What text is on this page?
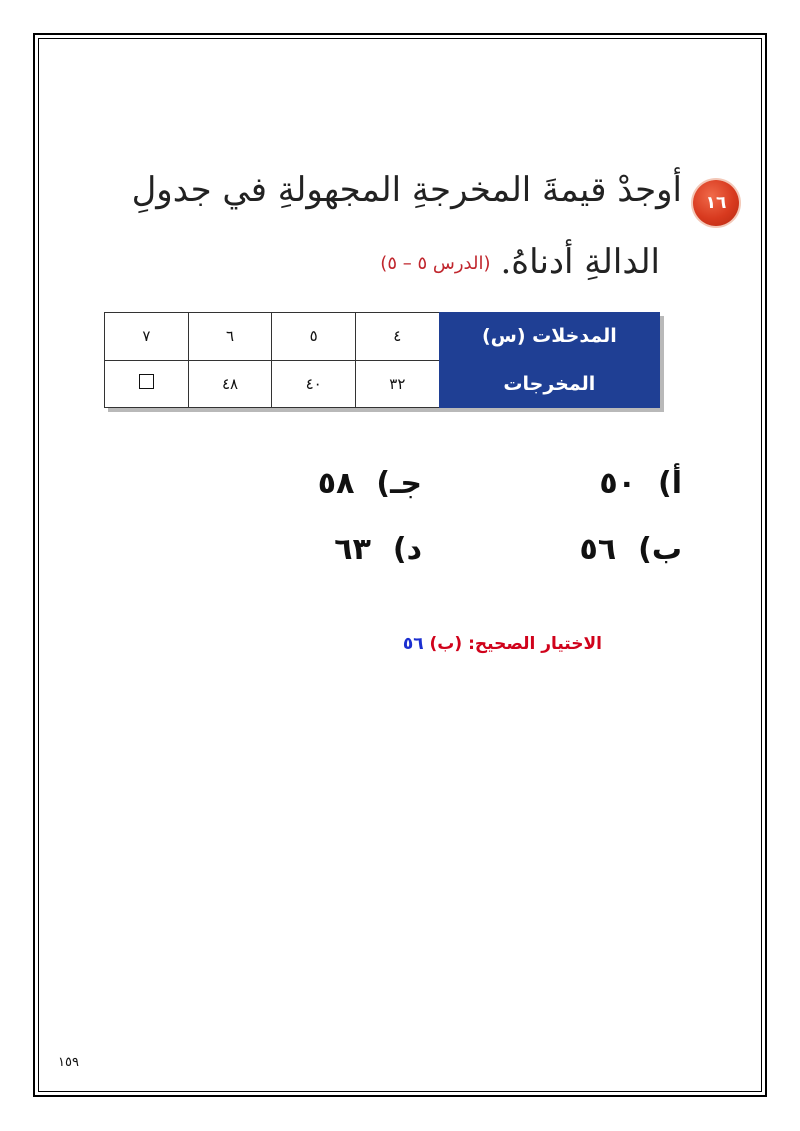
١٦
أوجدْ قيمةَ المخرجةِ المجهولةِ في جدولِ
الدالةِ أدناهُ.(الدرس ٥ – ٥)
المدخلات (س)	٤	٥	٦	٧
المخرجات	٣٢	٤٠	٤٨	
أ)٥٠
جـ)٥٨
ب)٥٦
د)٦٣
الاختيار الصحيح: (ب) ٥٦
١٥٩
